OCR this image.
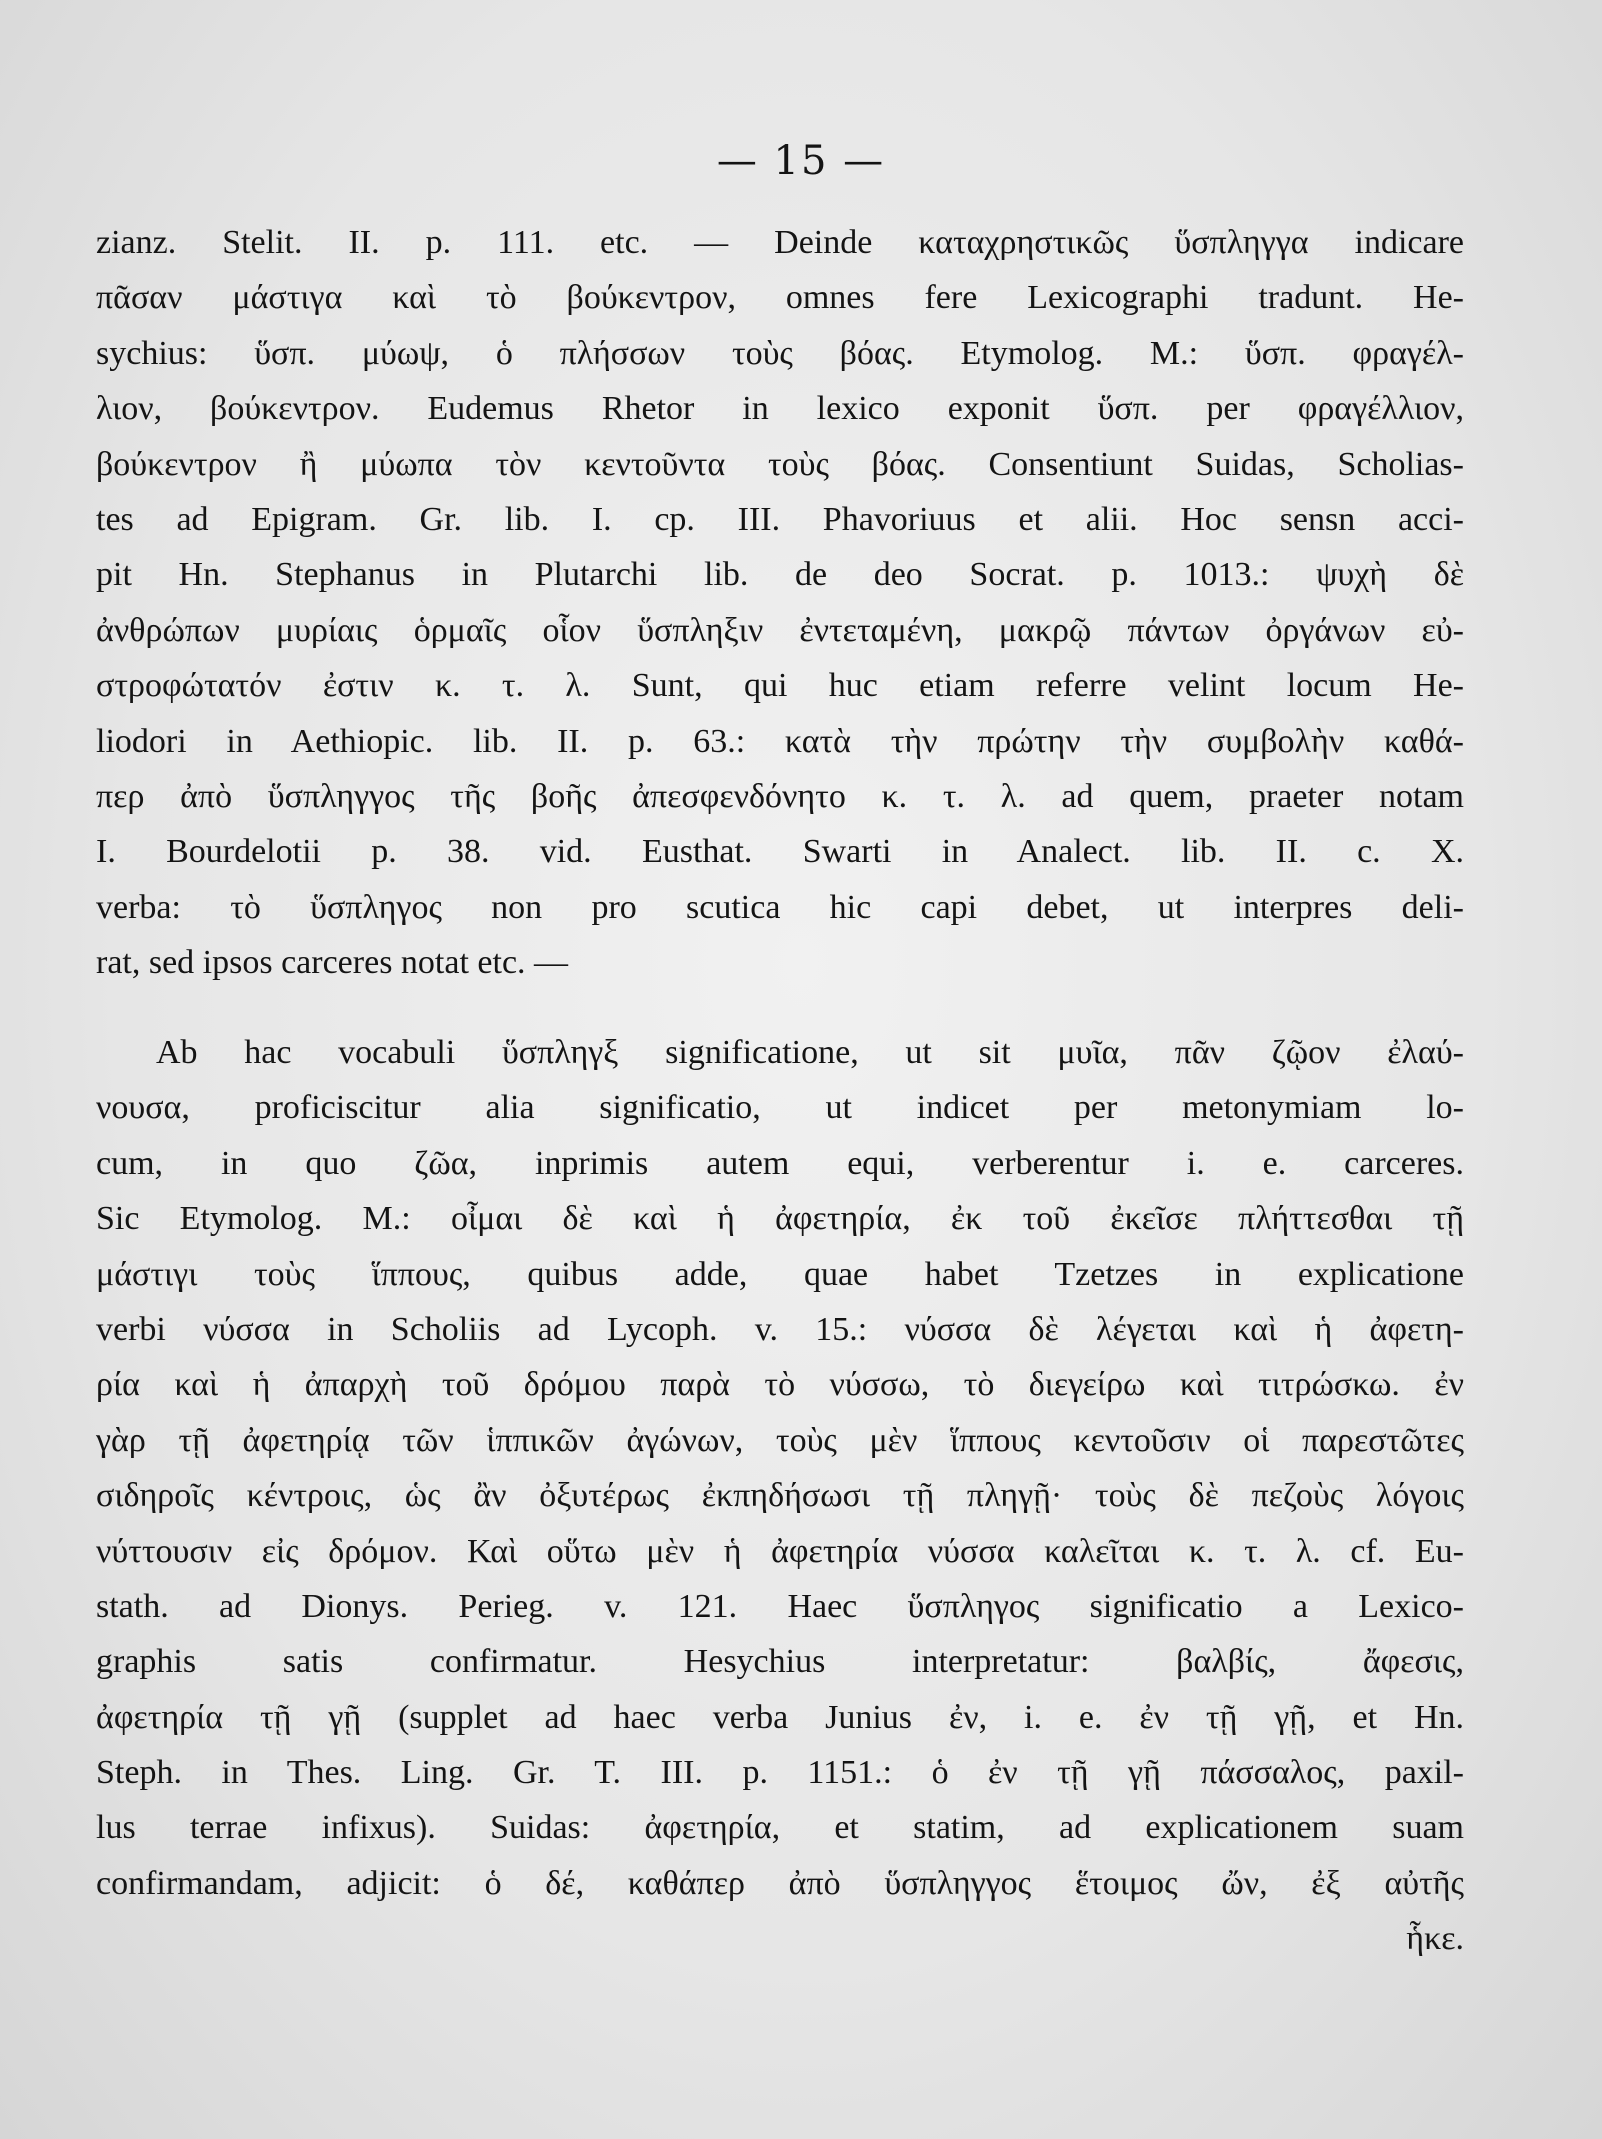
— 15 —
zianz. Stelit. II. p. 111. etc. — Deinde καταχρηστικῶς ὕσπληγγα indicare
πᾶσαν μάστιγα καὶ τὸ βούκεντρον, omnes fere Lexicographi tradunt. He-
sychius: ὕσπ. μύωψ, ὁ πλήσσων τοὺς βόας. Etymolog. M.: ὕσπ. φραγέλ-
λιον, βούκεντρον. Eudemus Rhetor in lexico exponit ὕσπ. per φραγέλλιον,
βούκεντρον ἢ μύωπα τὸν κεντοῦντα τοὺς βόας. Consentiunt Suidas, Scholias-
tes ad Epigram. Gr. lib. I. cp. III. Phavoriuus et alii. Hoc sensn acci-
pit Hn. Stephanus in Plutarchi lib. de deo Socrat. p. 1013.: ψυχὴ δὲ
ἀνθρώπων μυρίαις ὁρμαῖς οἷον ὕσπληξιν ἐντεταμένη, μακρῷ πάντων ὀργάνων εὐ-
στροφώτατόν ἐστιν κ. τ. λ. Sunt, qui huc etiam referre velint locum He-
liodori in Aethiopic. lib. II. p. 63.: κατὰ τὴν πρώτην τὴν συμβολὴν καθά-
περ ἀπὸ ὕσπληγγος τῆς βοῆς ἀπεσφενδόνητο κ. τ. λ. ad quem, praeter notam
I. Bourdelotii p. 38. vid. Eusthat. Swarti in Analect. lib. II. c. X.
verba: τὸ ὕσπληγος non pro scutica hic capi debet, ut interpres deli-
rat, sed ipsos carceres notat etc. —
Ab hac vocabuli ὕσπληγξ significatione, ut sit μυῖα, πᾶν ζῷον ἐλαύ-
νουσα, proficiscitur alia significatio, ut indicet per metonymiam lo-
cum, in quo ζῶα, inprimis autem equi, verberentur i. e. carceres.
Sic Etymolog. M.: οἶμαι δὲ καὶ ἡ ἀφετηρία, ἐκ τοῦ ἐκεῖσε πλήττεσθαι τῇ
μάστιγι τοὺς ἵππους, quibus adde, quae habet Tzetzes in explicatione
verbi νύσσα in Scholiis ad Lycoph. v. 15.: νύσσα δὲ λέγεται καὶ ἡ ἀφετη-
ρία καὶ ἡ ἀπαρχὴ τοῦ δρόμου παρὰ τὸ νύσσω, τὸ διεγείρω καὶ τιτρώσκω. ἐν
γὰρ τῇ ἀφετηρίᾳ τῶν ἱππικῶν ἀγώνων, τοὺς μὲν ἵππους κεντοῦσιν οἱ παρεστῶτες
σιδηροῖς κέντροις, ὡς ἂν ὀξυτέρως ἐκπηδήσωσι τῇ πληγῇ· τοὺς δὲ πεζοὺς λόγοις
νύττουσιν εἰς δρόμον. Καὶ οὕτω μὲν ἡ ἀφετηρία νύσσα καλεῖται κ. τ. λ. cf. Eu-
stath. ad Dionys. Perieg. v. 121. Haec ὕσπληγος significatio a Lexico-
graphis satis confirmatur. Hesychius interpretatur: βαλβίς, ἄφεσις,
ἀφετηρία τῇ γῇ (supplet ad haec verba Junius ἐν, i. e. ἐν τῇ γῇ, et Hn.
Steph. in Thes. Ling. Gr. T. III. p. 1151.: ὁ ἐν τῇ γῇ πάσσαλος, paxil-
lus terrae infixus). Suidas: ἀφετηρία, et statim, ad explicationem suam
confirmandam, adjicit: ὁ δέ, καθάπερ ἀπὸ ὕσπληγγος ἕτοιμος ὤν, ἐξ αὐτῆς
ἧκε.
